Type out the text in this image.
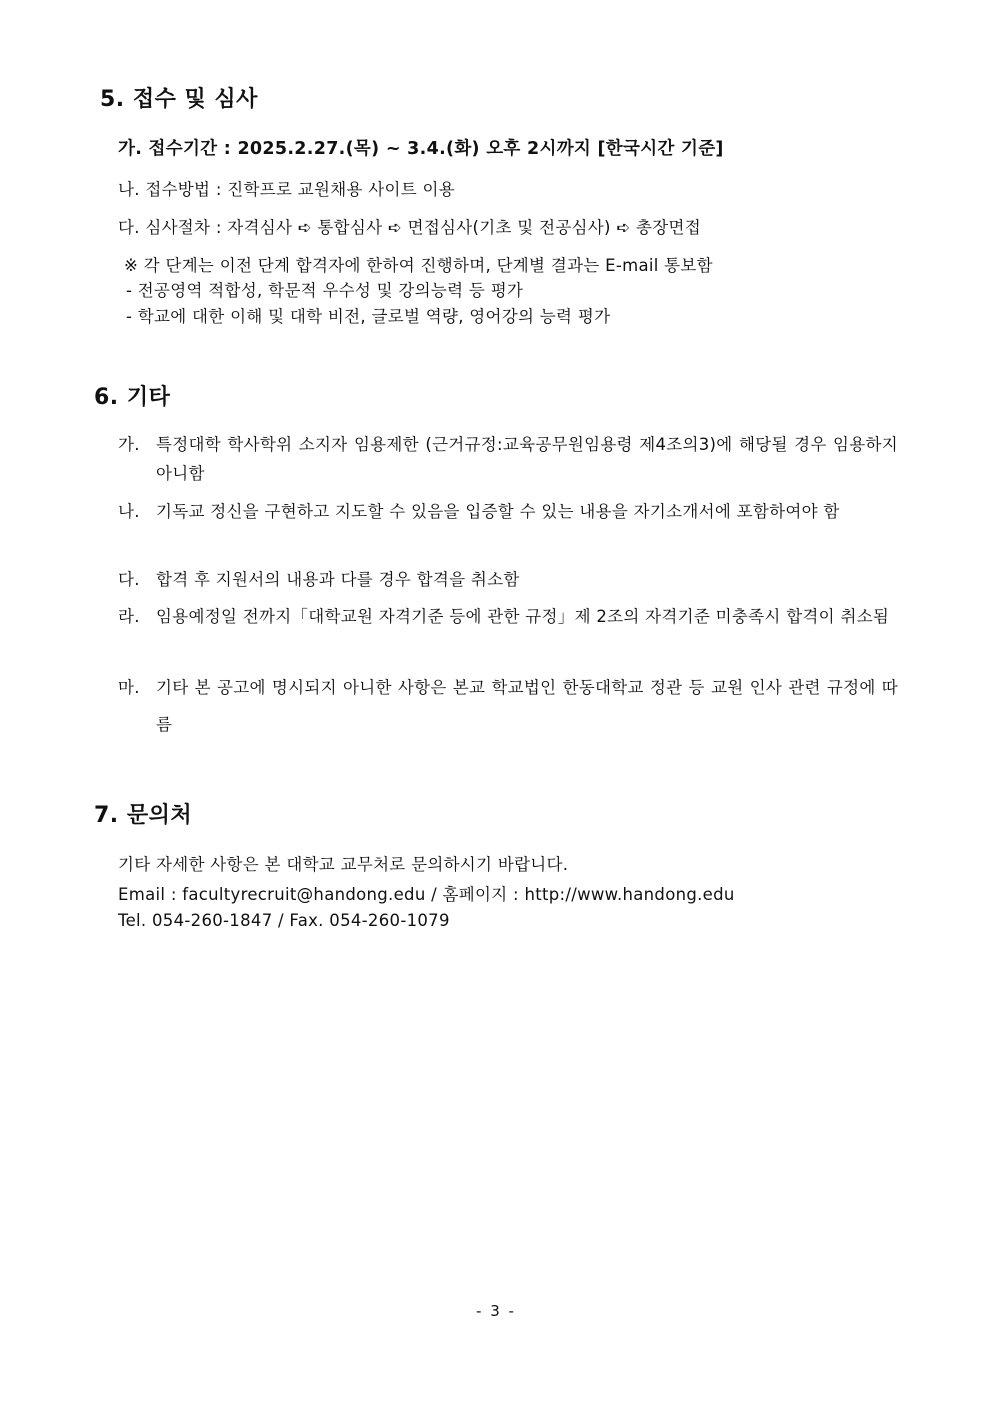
5. 접수 및 심사
가. 접수기간 : 2025.2.27.(목) ~ 3.4.(화) 오후 2시까지 [한국시간 기준]
나. 접수방법 : 진학프로 교원채용 사이트 이용
다. 심사절차 : 자격심사 ➪ 통합심사 ➪ 면접심사(기초 및 전공심사) ➪ 총장면접
※ 각 단계는 이전 단계 합격자에 한하여 진행하며, 단계별 결과는 E-mail 통보함
- 전공영역 적합성, 학문적 우수성 및 강의능력 등 평가
- 학교에 대한 이해 및 대학 비전, 글로벌 역량, 영어강의 능력 평가
6. 기타
가. 특정대학 학사학위 소지자 임용제한 (근거규정:교육공무원임용령 제4조의3)에 해당될 경우 임용하지 아니함
나. 기독교 정신을 구현하고 지도할 수 있음을 입증할 수 있는 내용을 자기소개서에 포함하여야 함
다. 합격 후 지원서의 내용과 다를 경우 합격을 취소함
라. 임용예정일 전까지「대학교원 자격기준 등에 관한 규정」제 2조의 자격기준 미충족시 합격이 취소됨
마. 기타 본 공고에 명시되지 아니한 사항은 본교 학교법인 한동대학교 정관 등 교원 인사 관련 규정에 따름
7. 문의처
기타 자세한 사항은 본 대학교 교무처로 문의하시기 바랍니다.
Email : facultyrecruit@handong.edu / 홈페이지 : http://www.handong.edu
Tel. 054-260-1847 / Fax. 054-260-1079
- 3 -
